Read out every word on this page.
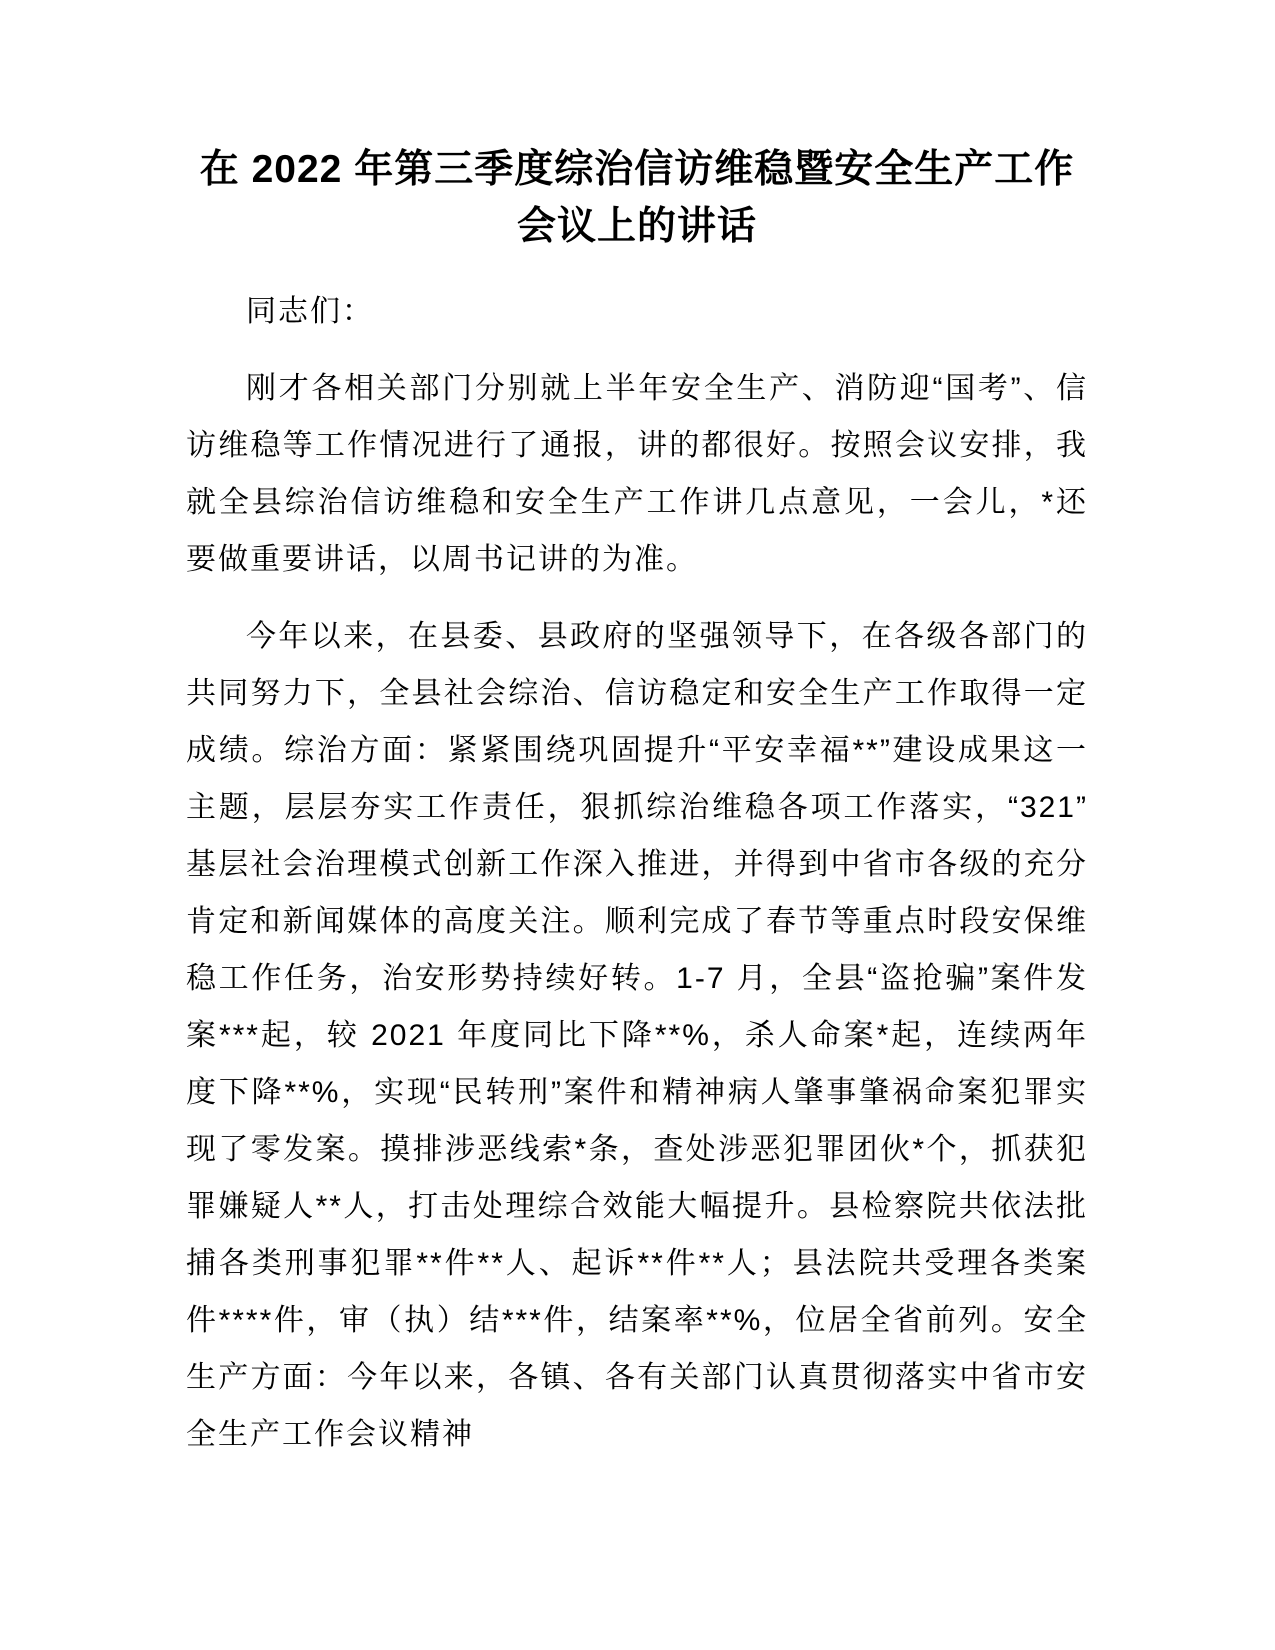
在 2022 年第三季度综治信访维稳暨安全生产工作会议上的讲话

同志们：

刚才各相关部门分别就上半年安全生产、消防迎“国考”、信访维稳等工作情况进行了通报，讲的都很好。按照会议安排，我就全县综治信访维稳和安全生产工作讲几点意见，一会儿，*还要做重要讲话，以周书记讲的为准。

今年以来，在县委、县政府的坚强领导下，在各级各部门的共同努力下，全县社会综治、信访稳定和安全生产工作取得一定成绩。综治方面：紧紧围绕巩固提升“平安幸福**”建设成果这一主题，层层夯实工作责任，狠抓综治维稳各项工作落实，“321”基层社会治理模式创新工作深入推进，并得到中省市各级的充分肯定和新闻媒体的高度关注。顺利完成了春节等重点时段安保维稳工作任务，治安形势持续好转。1-7 月，全县“盗抢骗”案件发案***起，较 2021 年度同比下降**%，杀人命案*起，连续两年度下降**%，实现“民转刑”案件和精神病人肇事肇祸命案犯罪实现了零发案。摸排涉恶线索*条，查处涉恶犯罪团伙*个，抓获犯罪嫌疑人**人，打击处理综合效能大幅提升。县检察院共依法批捕各类刑事犯罪**件**人、起诉**件**人；县法院共受理各类案件****件，审（执）结***件，结案率**%，位居全省前列。安全生产方面：今年以来，各镇、各有关部门认真贯彻落实中省市安全生产工作会议精神
